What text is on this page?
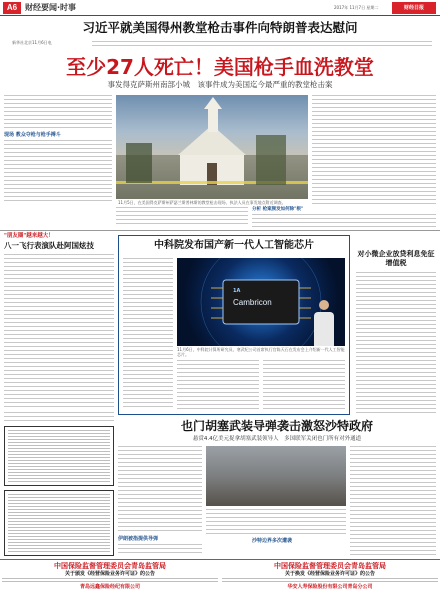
A6 财经要闻·时事	2017年 11月7日 星期二	财经日报
习近平就美国得州教堂枪击事件向特朗普表达慰问
新华社北京11月6日电
至少27人死亡！美国枪手血洗教堂
事发得克萨斯州南部小城　该事件成为美国迄今最严重的教堂枪击案
现场 教众夺枪与枪手搏斗
11月5日，在美国得克萨斯州萨瑟兰斯普林斯的教堂枪击现场，执法人员在事发地点附近调查。
分析 枪案频发如何除"根"
"朋友圈"越来越大！
八一飞行表演队赴阿国炫技	中科院发布国产新一代人工智能芯片
1A
Cambricon
11月6日，中科院计算所研究员、寒武纪公司首席执行官陈天石在发布会上介绍新一代人工智能芯片。
对小微企业放贷利息免征增值税
也门胡塞武装导弹袭击激怒沙特政府
悬赏4.4亿美元捉拿胡塞武装领导人　多国联军关闭也门所有对外通道
伊朗被指提供导弹	沙特边界多次遭袭
中国保险监督管理委员会青岛监管局
关于颁发《经营保险业务许可证》的公告
青岛远鑫保险经纪有限公司
中国保险监督管理委员会青岛监管局
关于换发《经营保险业务许可证》的公告
华安人寿保险股份有限公司青岛分公司
